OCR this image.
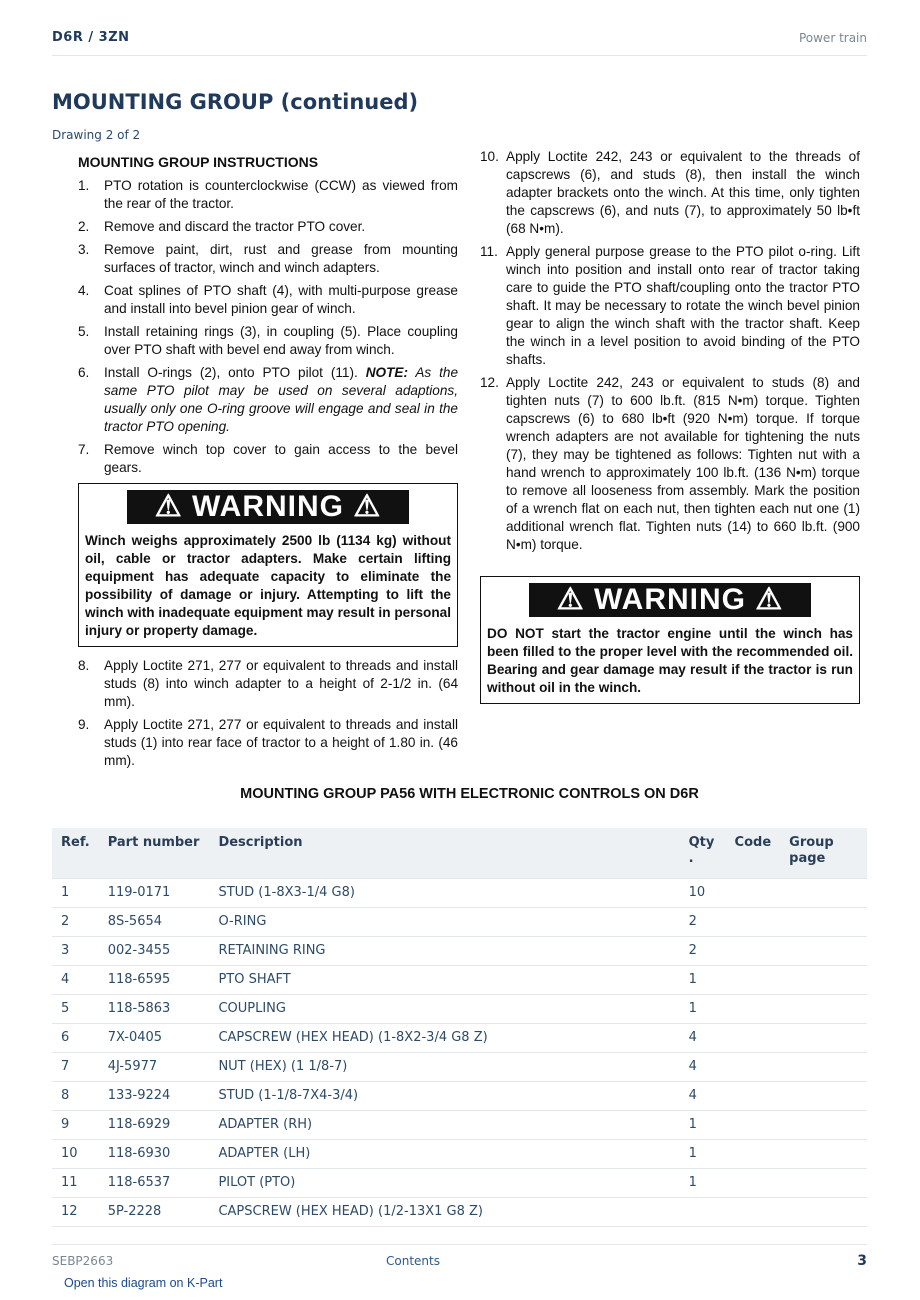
D6R / 3ZN	Power train
MOUNTING GROUP (continued)
Drawing 2 of 2
MOUNTING GROUP INSTRUCTIONS
1. PTO rotation is counterclockwise (CCW) as viewed from the rear of the tractor.
2. Remove and discard the tractor PTO cover.
3. Remove paint, dirt, rust and grease from mounting surfaces of tractor, winch and winch adapters.
4. Coat splines of PTO shaft (4), with multi-purpose grease and install into bevel pinion gear of winch.
5. Install retaining rings (3), in coupling (5). Place coupling over PTO shaft with bevel end away from winch.
6. Install O-rings (2), onto PTO pilot (11). NOTE: As the same PTO pilot may be used on several adaptions, usually only one O-ring groove will engage and seal in the tractor PTO opening.
7. Remove winch top cover to gain access to the bevel gears.
⚠ WARNING ⚠
Winch weighs approximately 2500 lb (1134 kg) without oil, cable or tractor adapters. Make certain lifting equipment has adequate capacity to eliminate the possibility of damage or injury. Attempting to lift the winch with inadequate equipment may result in personal injury or property damage.
8. Apply Loctite 271, 277 or equivalent to threads and install studs (8) into winch adapter to a height of 2-1/2 in. (64 mm).
9. Apply Loctite 271, 277 or equivalent to threads and install studs (1) into rear face of tractor to a height of 1.80 in. (46 mm).
10. Apply Loctite 242, 243 or equivalent to the threads of capscrews (6), and studs (8), then install the winch adapter brackets onto the winch. At this time, only tighten the capscrews (6), and nuts (7), to approximately 50 lb•ft (68 N•m).
11. Apply general purpose grease to the PTO pilot o-ring. Lift winch into position and install onto rear of tractor taking care to guide the PTO shaft/coupling onto the tractor PTO shaft. It may be necessary to rotate the winch bevel pinion gear to align the winch shaft with the tractor shaft. Keep the winch in a level position to avoid binding of the PTO shafts.
12. Apply Loctite 242, 243 or equivalent to studs (8) and tighten nuts (7) to 600 lb.ft. (815 N•m) torque. Tighten capscrews (6) to 680 lb•ft (920 N•m) torque. If torque wrench adapters are not available for tightening the nuts (7), they may be tightened as follows: Tighten nut with a hand wrench to approximately 100 lb.ft. (136 N•m) torque to remove all looseness from assembly. Mark the position of a wrench flat on each nut, then tighten each nut one (1) additional wrench flat. Tighten nuts (14) to 660 lb.ft. (900 N•m) torque.
⚠ WARNING ⚠
DO NOT start the tractor engine until the winch has been filled to the proper level with the recommended oil. Bearing and gear damage may result if the tractor is run without oil in the winch.
MOUNTING GROUP PA56 WITH ELECTRONIC CONTROLS ON D6R
Ref.	Part number	Description	Qty .	Code	Group page
1	119-0171	STUD (1-8X3-1/4 G8)	10		
2	8S-5654	O-RING	2		
3	002-3455	RETAINING RING	2		
4	118-6595	PTO SHAFT	1		
5	118-5863	COUPLING	1		
6	7X-0405	CAPSCREW (HEX HEAD) (1-8X2-3/4 G8 Z)	4		
7	4J-5977	NUT (HEX) (1 1/8-7)	4		
8	133-9224	STUD (1-1/8-7X4-3/4)	4		
9	118-6929	ADAPTER (RH)	1		
10	118-6930	ADAPTER (LH)	1		
11	118-6537	PILOT (PTO)	1		
12	5P-2228	CAPSCREW (HEX HEAD) (1/2-13X1 G8 Z)			
SEBP2663	Contents	3
Open this diagram on K-Part
